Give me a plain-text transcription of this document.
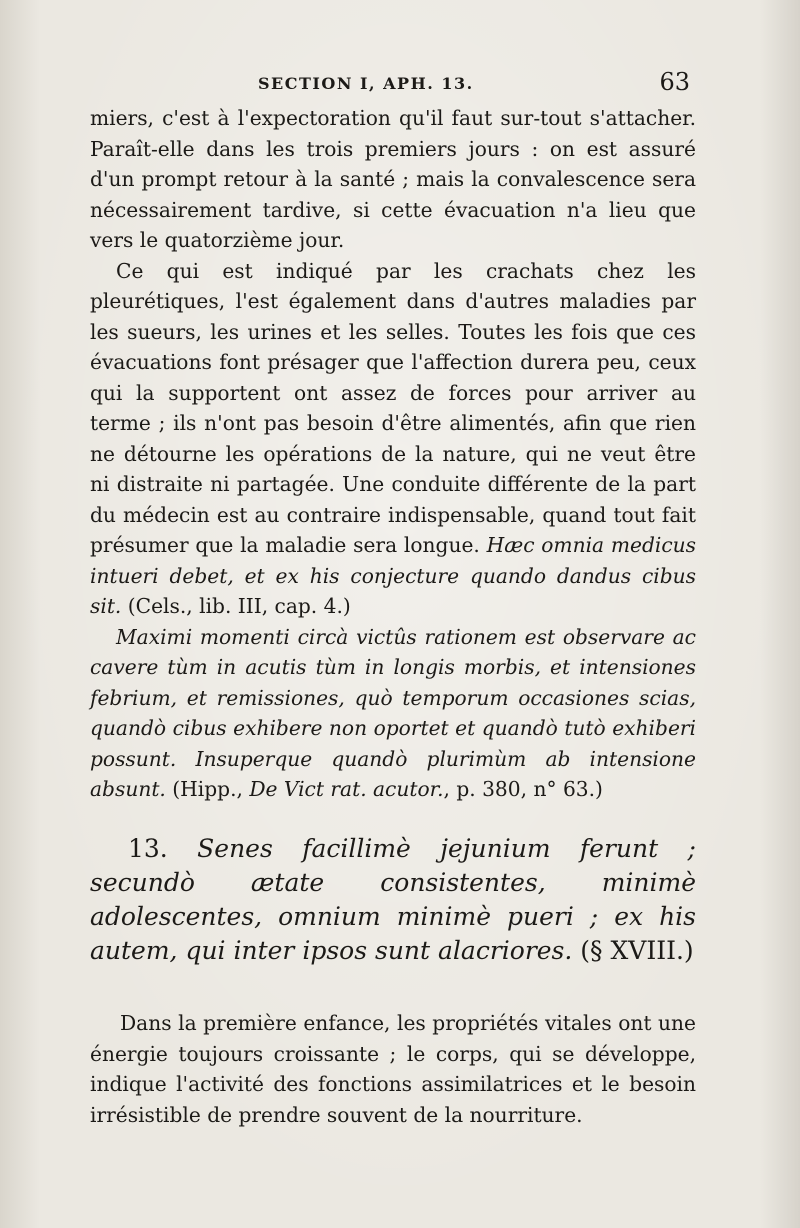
SECTION I, APH. 13.	63

miers, c'est à l'expectoration qu'il faut sur-tout s'attacher. Paraît-elle dans les trois premiers jours : on est assuré d'un prompt retour à la santé ; mais la convalescence sera nécessairement tardive, si cette évacuation n'a lieu que vers le quatorzième jour.

Ce qui est indiqué par les crachats chez les pleurétiques, l'est également dans d'autres maladies par les sueurs, les urines et les selles. Toutes les fois que ces évacuations font présager que l'affection durera peu, ceux qui la supportent ont assez de forces pour arriver au terme ; ils n'ont pas besoin d'être alimentés, afin que rien ne détourne les opérations de la nature, qui ne veut être ni distraite ni partagée. Une conduite différente de la part du médecin est au contraire indispensable, quand tout fait présumer que la maladie sera longue. Hæc omnia medicus intueri debet, et ex his conjecture quando dandus cibus sit. (Cels., lib. III, cap. 4.)

Maximi momenti circà victûs rationem est observare ac cavere tùm in acutis tùm in longis morbis, et intensiones febrium, et remissiones, quò temporum occasiones scias, quandò cibus exhibere non oportet et quandò tutò exhiberi possunt. Insuperque quandò plurimùm ab intensione absunt. (Hipp., De Vict rat. acutor., p. 380, n° 63.)

13. Senes facillimè jejunium ferunt ; secundò ætate consistentes, minimè adolescentes, omnium minimè pueri ; ex his autem, qui inter ipsos sunt alacriores. (§ XVIII.)

Dans la première enfance, les propriétés vitales ont une énergie toujours croissante ; le corps, qui se développe, indique l'activité des fonctions assimilatrices et le besoin irrésistible de prendre souvent de la nourriture.
